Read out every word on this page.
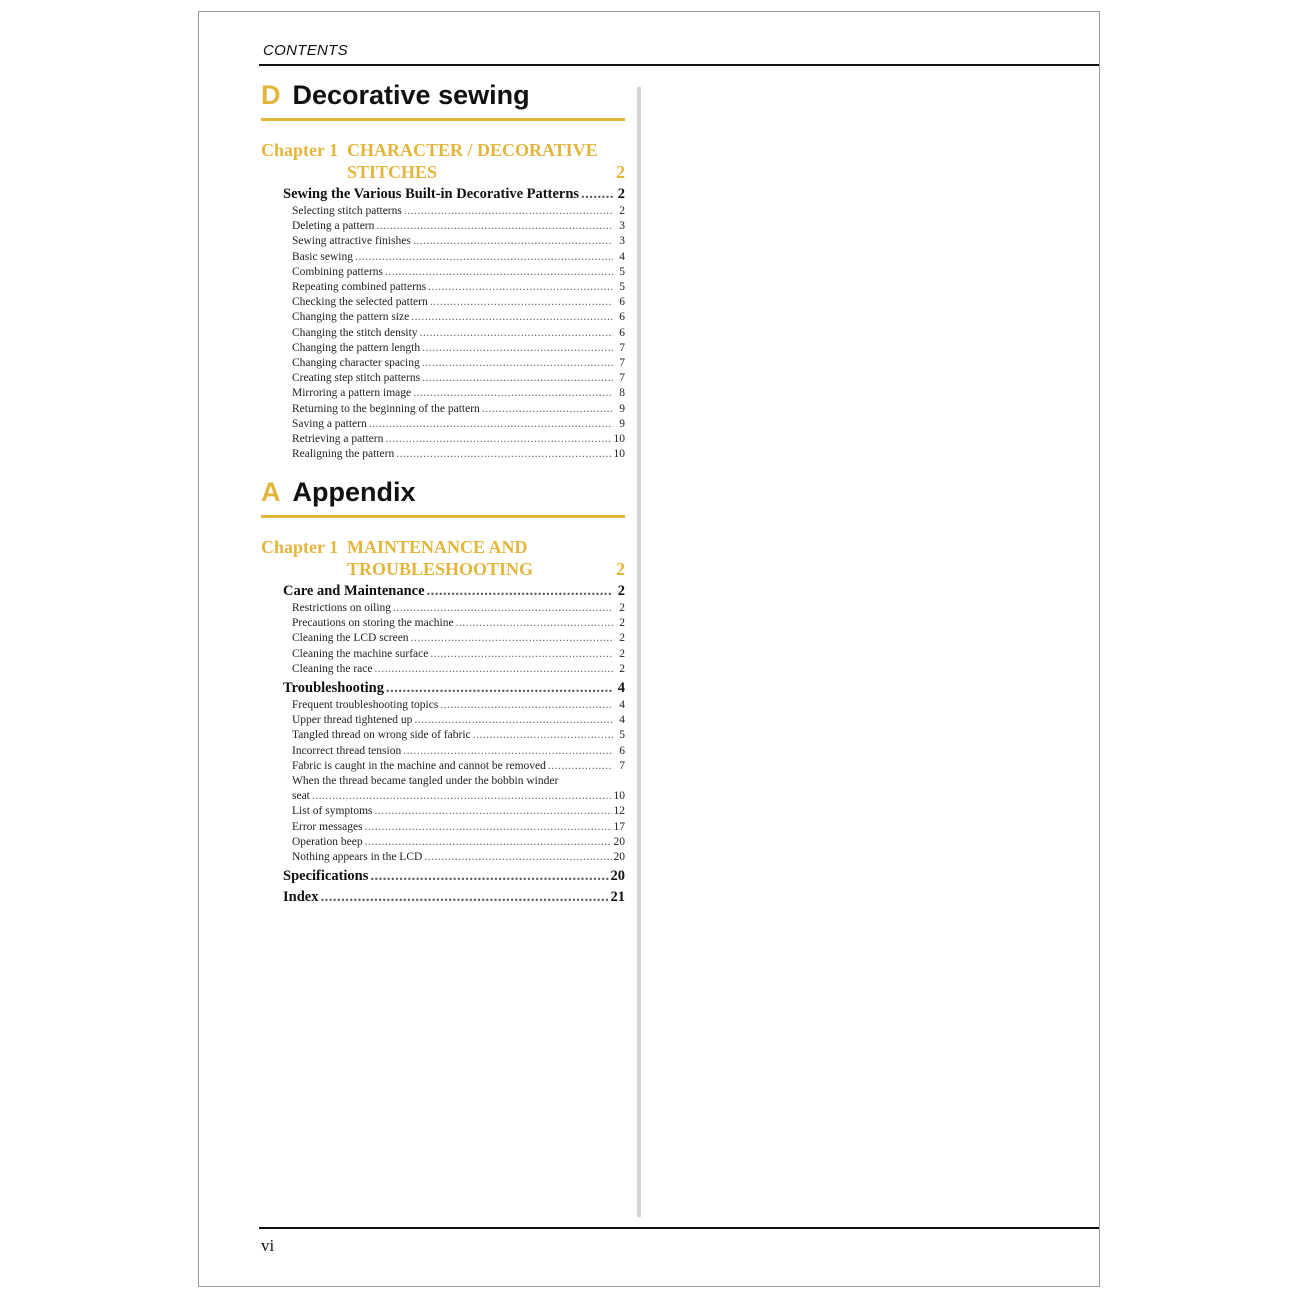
CONTENTS
D Decorative sewing
Chapter 1 CHARACTER / DECORATIVE
STITCHES	2
Sewing the Various Built-in Decorative Patterns .....	2
Selecting stitch patterns .....	2
Deleting a pattern .....	3
Sewing attractive finishes .....	3
Basic sewing .....	4
Combining patterns .....	5
Repeating combined patterns .....	5
Checking the selected pattern .....	6
Changing the pattern size .....	6
Changing the stitch density .....	6
Changing the pattern length .....	7
Changing character spacing .....	7
Creating step stitch patterns .....	7
Mirroring a pattern image .....	8
Returning to the beginning of the pattern .....	9
Saving a pattern .....	9
Retrieving a pattern .....	10
Realigning the pattern .....	10
A Appendix
Chapter 1 MAINTENANCE AND
TROUBLESHOOTING	2
Care and Maintenance .....	2
Restrictions on oiling .....	2
Precautions on storing the machine .....	2
Cleaning the LCD screen .....	2
Cleaning the machine surface .....	2
Cleaning the race .....	2
Troubleshooting .....	4
Frequent troubleshooting topics .....	4
Upper thread tightened up .....	4
Tangled thread on wrong side of fabric .....	5
Incorrect thread tension .....	6
Fabric is caught in the machine and cannot be removed .....	7
When the thread became tangled under the bobbin winder
seat .....	10
List of symptoms .....	12
Error messages .....	17
Operation beep .....	20
Nothing appears in the LCD .....	20
Specifications .....	20
Index .....	21
vi
